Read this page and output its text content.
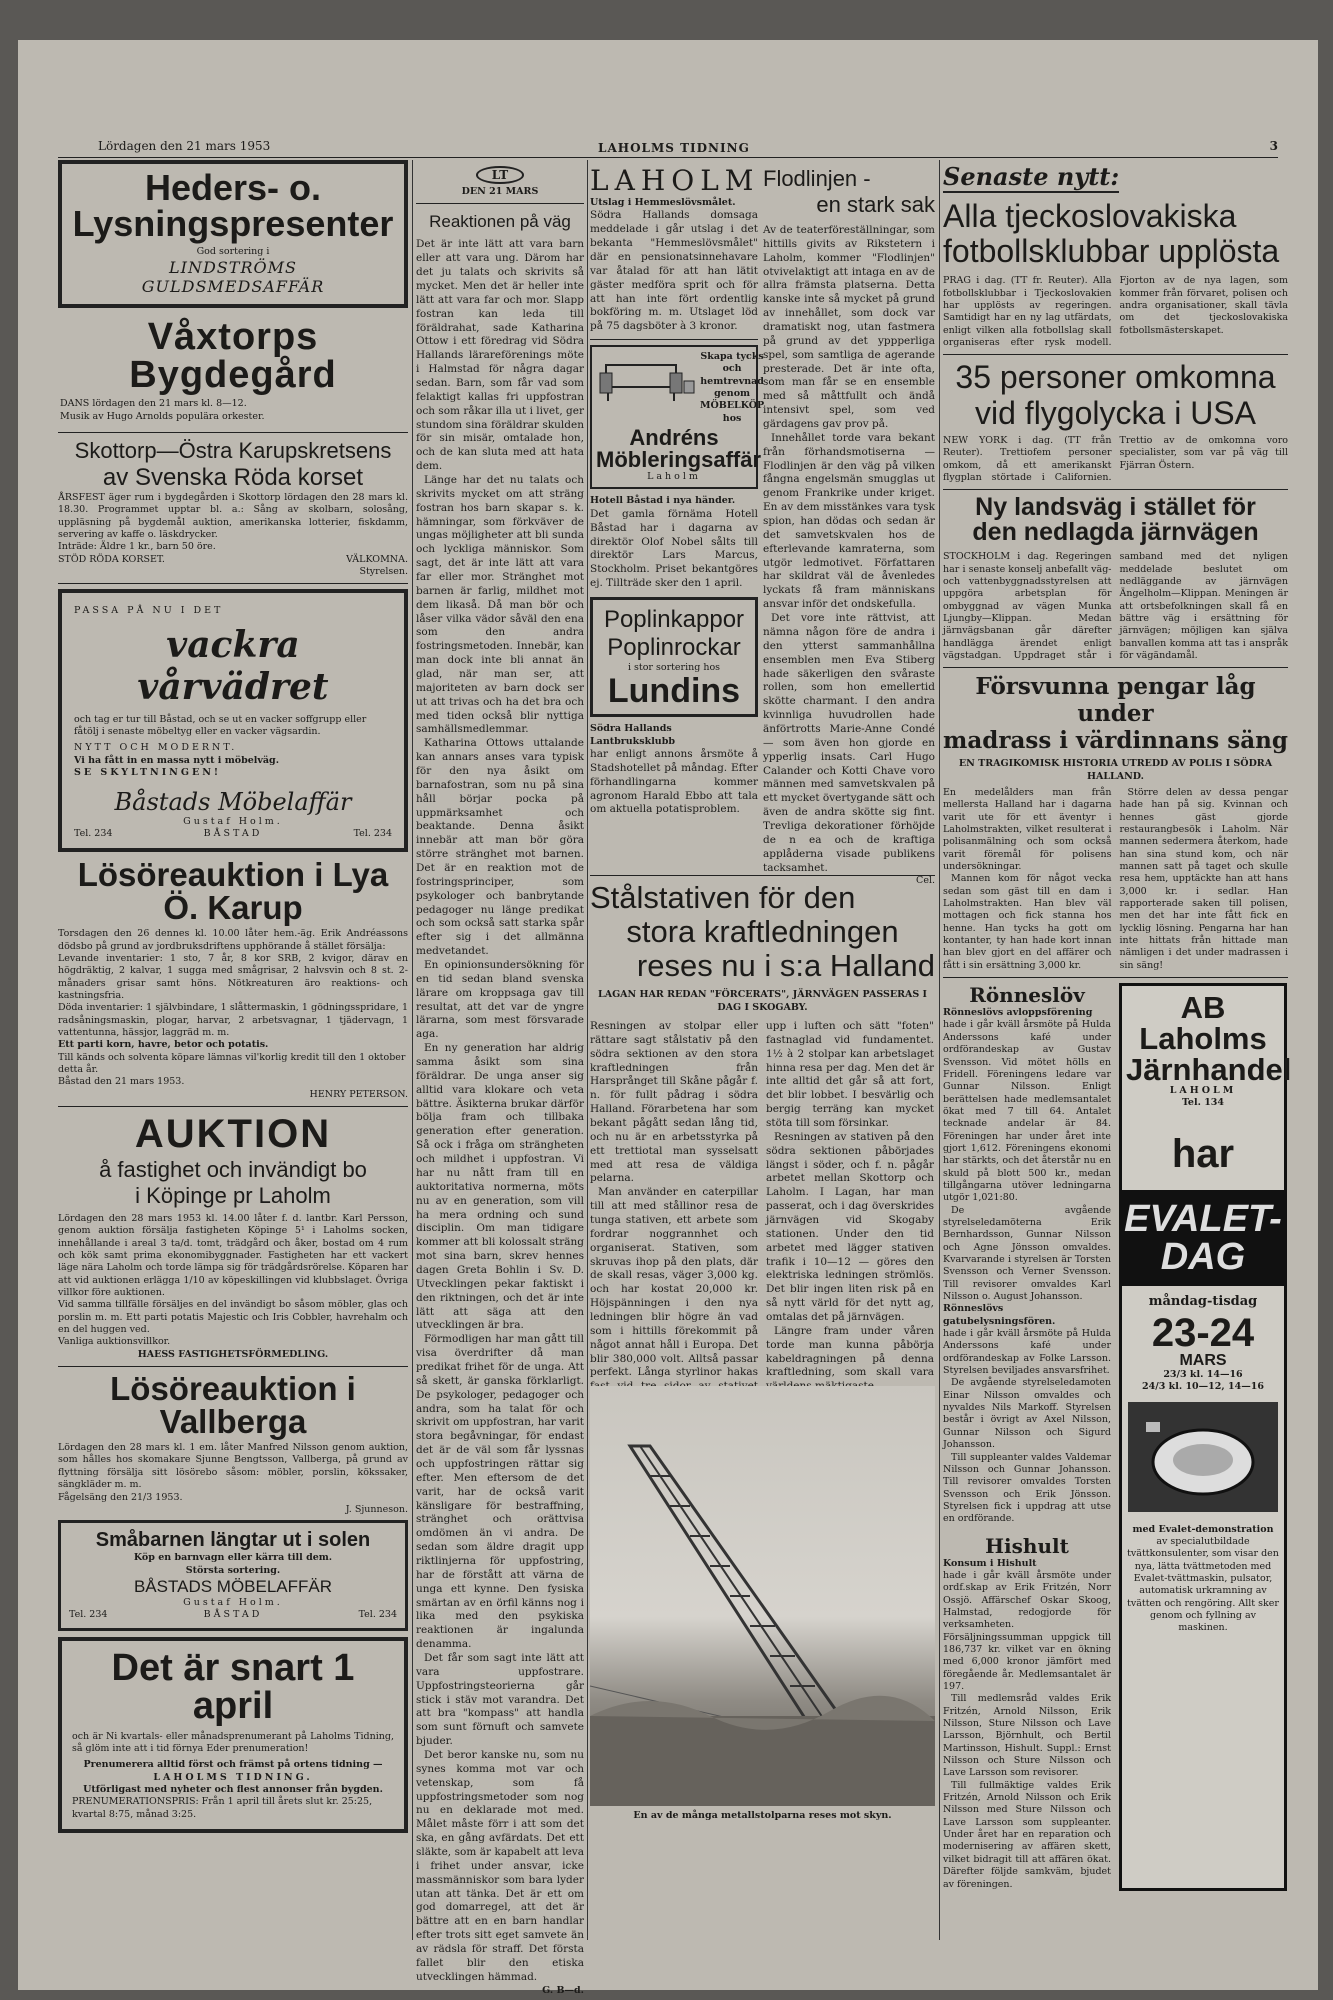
Lördagen den 21 mars 1953	LAHOLMS TIDNING	3
Heders- o. Lysningspresenter
God sortering i
LINDSTRÖMS
GULDSMEDSAFFÄR
Våxtorps Bygdegård
DANS lördagen den 21 mars kl. 8—12.
Musik av Hugo Arnolds populära orkester.
Skottorp—Östra Karupskretsens
av Svenska Röda korset
ÅRSFEST äger rum i bygdegården i Skottorp lördagen den 28 mars kl. 18.30. Programmet upptar bl. a.: Sång av skolbarn, solosång, uppläsning på bygdemål auktion, amerikanska lotterier, fiskdamm, servering av kaffe o. läskdrycker.
Inträde: Äldre 1 kr., barn 50 öre.
STÖD RÖDA KORSET.	VÄLKOMNA.
Styrelsen.
PASSA PÅ NU I DET
vackra vårvädret
och tag er tur till Båstad, och se ut en vacker soffgrupp eller fåtölj i senaste möbeltyg eller en vacker vägsardin.
NYTT OCH MODERNT.
Vi ha fått in en massa nytt i möbelväg.
SE SKYLTNINGEN!
Båstads Möbelaffär
Gustaf Holm.
Tel. 234	BÅSTAD	Tel. 234
Lösöreauktion i Lya Ö. Karup
Torsdagen den 26 dennes kl. 10.00 låter hem.-äg. Erik Andréassons dödsbo på grund av jordbruksdriftens upphörande å stället försälja:
Levande inventarier: 1 sto, 7 år, 8 kor SRB, 2 kvigor, därav en högdräktig, 2 kalvar, 1 sugga med smågrisar, 2 halvsvin och 8 st. 2-månaders grisar samt höns. Nötkreaturen äro reaktions- och kastningsfria.
Döda inventarier: 1 självbindare, 1 slåttermaskin, 1 gödningsspridare, 1 radsåningsmaskin, plogar, harvar, 2 arbetsvagnar, 1 tjädervagn, 1 vattentunna, hässjor, laggräd m. m.
Ett parti korn, havre, betor och potatis.
Till känds och solventa köpare lämnas vil'korlig kredit till den 1 oktober detta år.
Båstad den 21 mars 1953.
HENRY PETERSON.
AUKTION
å fastighet och invändigt bo
i Köpinge pr Laholm
Lördagen den 28 mars 1953 kl. 14.00 låter f. d. lantbr. Karl Persson, genom auktion försälja fastigheten Köpinge 5¹ i Laholms socken, innehållande i areal 3 ta/d. tomt, trädgård och åker, bostad om 4 rum och kök samt prima ekonomibyggnader. Fastigheten har ett vackert läge nära Laholm och torde lämpa sig för trädgårdsrörelse. Köparen har att vid auktionen erlägga 1/10 av köpeskillingen vid klubbslaget. Övriga villkor före auktionen.
Vid samma tillfälle försäljes en del invändigt bo såsom möbler, glas och porslin m. m. Ett parti potatis Majestic och Iris Cobbler, havrehalm och en del huggen ved.
Vanliga auktionsvillkor.
HAESS FASTIGHETSFÖRMEDLING.
Lösöreauktion i Vallberga
Lördagen den 28 mars kl. 1 em. låter Manfred Nilsson genom auktion, som hålles hos skomakare Sjunne Bengtsson, Vallberga, på grund av flyttning försälja sitt lösörebo såsom: möbler, porslin, kökssaker, sängkläder m. m.
Fågelsäng den 21/3 1953.
J. Sjunneson.
Småbarnen längtar ut i solen
Köp en barnvagn eller kärra till dem.
Största sortering.
BÅSTADS MÖBELAFFÄR
Gustaf Holm.
Tel. 234	BÅSTAD	Tel. 234
Det är snart 1 april
och är Ni kvartals- eller månadsprenumerant på Laholms Tidning, så glöm inte att i tid förnya Eder prenumeration!
Prenumerera alltid först och främst på ortens tidning —
LAHOLMS TIDNING.
Utförligast med nyheter och flest annonser från bygden.
PRENUMERATIONSPRIS: Från 1 april till årets slut kr. 25:25, kvartal 8:75, månad 3:25.
LT
DEN 21 MARS
Reaktionen på väg

Det är inte lätt att vara barn eller att vara ung. Därom har det ju talats och skrivits så mycket. Men det är heller inte lätt att vara far och mor. Slapp fostran kan leda till föräldrahat, sade Katharina Ottow i ett föredrag vid Södra Hallands lärareförenings möte i Halmstad för några dagar sedan. Barn, som får vad som felaktigt kallas fri uppfostran och som råkar illa ut i livet, ger stundom sina föräldrar skulden för sin misär, omtalade hon, och de kan sluta med att hata dem.

Länge har det nu talats och skrivits mycket om att sträng fostran hos barn skapar s. k. hämningar, som förkväver de ungas möjligheter att bli sunda och lyckliga människor. Som sagt, det är inte lätt att vara far eller mor. Stränghet mot barnen är farlig, mildhet mot dem likaså. Då man bör och låser vilka vädor såväl den ena som den andra fostringsmetoden. Innebär, kan man dock inte bli annat än glad, när man ser, att majoriteten av barn dock ser ut att trivas och ha det bra och med tiden också blir nyttiga samhällsmedlemmar.

Katharina Ottows uttalande kan annars anses vara typisk för den nya åsikt om barnafostran, som nu på sina håll börjar pocka på uppmärksamhet och beaktande. Denna åsikt innebär att man bör göra större stränghet mot barnen. Det är en reaktion mot de fostringsprinciper, som psykologer och banbrytande pedagoger nu länge predikat och som också satt starka spår efter sig i det allmänna medvetandet.

En opinionsundersökning för en tid sedan bland svenska lärare om kroppsaga gav till resultat, att det var de yngre lärarna, som mest försvarade aga.

En ny generation har aldrig samma åsikt som sina föräldrar. De unga anser sig alltid vara klokare och veta bättre. Äsikterna brukar därför bölja fram och tillbaka generation efter generation. Så ock i fråga om strängheten och mildhet i uppfostran. Vi har nu nått fram till en auktoritativa normerna, möts nu av en generation, som vill ha mera ordning och sund disciplin. Om man tidigare kommer att bli kolossalt sträng mot sina barn, skrev hennes dagen Greta Bohlin i Sv. D. Utvecklingen pekar faktiskt i den riktningen, och det är inte lätt att säga att den utvecklingen är bra.

Förmodligen har man gått till visa överdrifter då man predikat frihet för de unga. Att så skett, är ganska förklarligt. De psykologer, pedagoger och andra, som ha talat för och skrivit om uppfostran, har varit stora begåvningar, för endast det är de väl som får lyssnas och uppfostringen rättar sig efter. Men eftersom de det varit, har de också varit känsligare för bestraffning, stränghet och orättvisa omdömen än vi andra. De sedan som äldre dragit upp riktlinjerna för uppfostring, har de förstått att värna de unga ett kynne. Den fysiska smärtan av en örfil känns nog i lika med den psykiska reaktionen är ingalunda denamma.

Det får som sagt inte lätt att vara uppfostrare. Uppfostringsteorierna går stick i stäv mot varandra. Det att bra "kompass" att handla som sunt förnuft och samvete bjuder.

Det beror kanske nu, som nu synes komma mot var och vetenskap, som få uppfostringsmetoder som nog nu en deklarade mot med. Målet måste förr i att som det ska, en gång avfärdats. Det ett släkte, som är kapabelt att leva i frihet under ansvar, icke massmänniskor som bara lyder utan att tänka. Det är ett om god domarregel, att det är bättre att en en barn handlar efter trots sitt eget samvete än av rädsla för straff. Det första fallet blir den etiska utvecklingen hämmad.

G. B—d.
LAHOLM
Utslag i Hemmeslövsmålet.

Södra Hallands domsaga meddelade i går utslag i det bekanta "Hemmeslövsmålet" där en pensionatsinnehavare var åtalad för att han lätit gäster medföra sprit och för att han inte fört ordentlig bokföring m. m. Utslaget löd på 75 dagsböter à 3 kronor.

Skapa tycks och hemtrevnad genom
MÖBELKÖP hos
Andréns Möbleringsaffär
Laholm
Hotell Båstad i nya händer.

Det gamla förnäma Hotell Båstad har i dagarna av direktör Olof Nobel sålts till direktör Lars Marcus, Stockholm. Priset bekantgöres ej. Tillträde sker den 1 april.

Poplinkappor
Poplinrockar
i stor sortering hos
Lundins
Södra Hallands Lantbruksklubb

har enligt annons årsmöte å Stadshotellet på måndag. Efter förhandlingarna kommer agronom Harald Ebbo att tala om aktuella potatisproblem.

Flodlinjen -
en stark sak

Av de teaterföreställningar, som hittills givits av Rikstetern i Laholm, kommer "Flodlinjen" otvivelaktigt att intaga en av de allra främsta platserna. Detta kanske inte så mycket på grund av innehållet, som dock var dramatiskt nog, utan fastmera på grund av det yppperliga spel, som samtliga de agerande presterade. Det är inte ofta, som man får se en ensemble med så måttfullt och ändå intensivt spel, som ved gärdagens gav prov på.

Innehållet torde vara bekant från förhandsmotiserna — Flodlinjen är den väg på vilken fångna engelsmän smugglas ut genom Frankrike under kriget. En av dem misstänkes vara tysk spion, han dödas och sedan är det samvetskvalen hos de efterlevande kamraterna, som utgör ledmotivet. Författaren har skildrat väl de åvenledes lyckats få fram människans ansvar inför det ondskefulla.

Det vore inte rättvist, att nämna någon före de andra i den ytterst sammanhållna ensemblen men Eva Stiberg hade säkerligen den svåraste rollen, som hon emellertid skötte charmant. I den andra kvinnliga huvudrollen hade änförtrotts Marie-Anne Condé — som även hon gjorde en ypperlig insats. Carl Hugo Calander och Kotti Chave voro männen med samvetskvalen på ett mycket övertygande sätt och även de andra skötte sig fint. Trevliga dekorationer förhöjde de n ea och de kraftiga applåderna visade publikens tacksamhet.

Cel.
Stålstativen för den
stora kraftledningen
reses nu i s:a Halland
LAGAN HAR REDAN "FÖRCERATS", JÄRNVÄGEN PASSERAS I DAG I SKOGABY.

Resningen av stolpar eller rättare sagt stålstativ på den södra sektionen av den stora kraftledningen från Harsprånget till Skåne pågår f. n. för fullt pådrag i södra Halland. Förarbetena har som bekant pågått sedan lång tid, och nu är en arbetsstyrka på ett trettiotal man sysselsatt med att resa de väldiga pelarna.

Man använder en caterpillar till att med stållinor resa de tunga stativen, ett arbete som fordrar noggrannhet och organiserat. Stativen, som skruvas ihop på den plats, där de skall resas, väger 3,000 kg. och har kostat 20,000 kr. Höjspänningen i den nya ledningen blir högre än vad som i hittills förekommit på något annat håll i Europa. Det blir 380,000 volt. Alltså passar perfekt. Långa styrlinor hakas

upp i luften och sätt "foten" fastnaglad vid fundamentet. 1½ à 2 stolpar kan arbetslaget hinna resa per dag. Men det är inte alltid det går så att fort, det blir lobbet. I besvärlig och bergig terräng kan mycket stöta till som försinkar.

Resningen av stativen på den södra sektionen påbörjades längst i söder, och f. n. pågår arbetet mellan Skottorp och Laholm. I Lagan, har man passerat, och i dag överskrides järnvägen vid Skogaby stationen. Under den tid arbetet med lägger stativen trafik i 10—12 — göres den elektriska ledningen strömlös. Det blir ingen liten risk på en så nytt värld för det nytt ag, omtalas det på järnvägen.

Längre fram under våren torde man kunna påbörja kabeldragningen på denna kraftledning, som skall vara

En av de många metallstolparna reses mot skyn.
Senaste nytt:
Alla tjeckoslovakiska
fotbollsklubbar upplösta

PRAG i dag. (TT fr. Reuter). Alla fotbollsklubbar i Tjeckoslovakien har upplösts av regeringen. Samtidigt har en ny lag utfärdats, enligt vilken alla fotbollslag skall organiseras efter rysk modell. Fjorton av de nya lagen, som kommer från förvaret, polisen och andra organisationer, skall tävla om det tjeckoslovakiska fotbollsmästerskapet.

35 personer omkomna
vid flygolycka i USA

NEW YORK i dag. (TT från Reuter). Trettiofem personer omkom, då ett amerikanskt flygplan störtade i Californien. Trettio av de omkomna voro specialister, som var på väg till Fjärran Östern.

Ny landsväg i stället för
den nedlagda järnvägen

STOCKHOLM i dag. Regeringen har i senaste konselj anbefallt väg- och vattenbyggnadsstyrelsen att uppgöra arbetsplan för ombyggnad av vägen Munka Ljungby—Klippan. Medan järnvägsbanan går därefter handlägga ärendet enligt vägstadgan. Uppdraget står i samband med det nyligen meddelade beslutet om nedläggande av järnvägen Ängelholm—Klippan. Meningen är att ortsbefolkningen skall få en bättre väg i ersättning för järnvägen; möjligen kan själva banvallen komma att tas i anspråk för vägändamål.

Försvunna pengar låg under
madrass i värdinnans säng
EN TRAGIKOMISK HISTORIA UTREDD AV POLIS I SÖDRA HALLAND.

En medelålders man från mellersta Halland har i dagarna varit ute för ett äventyr i Laholmstrakten, vilket resulterat i polisanmälning och som också varit föremål för polisens undersökningar.

Mannen kom för något vecka sedan som gäst till en dam i Laholmstrakten. Han blev väl mottagen och fick stanna hos henne. Han tycks ha gott om kontanter, ty han hade kort innan han blev gjort en del affärer och fått i sin ersättning 3,000 kr.

Större delen av dessa pengar hade han på sig. Kvinnan och hennes gäst gjorde restaurangbesök i Laholm. När mannen sedermera återkom, hade han sina stund kom, och när mannen satt på taget och skulle resa hem, upptäckte han att hans 3,000 kr. i sedlar. Han rapporterade saken till polisen, men det har inte fått fick en lycklig lösning. Pengarna har han inte hittats från hittade man nämligen i det under madrassen i sin säng!

Rönneslöv
Rönneslövs avloppsförening

hade i går kväll årsmöte på Hulda Anderssons kafé under ordförandeskap av Gustav Svensson. Vid mötet hölls en Fridell. Föreningens ledare var Gunnar Nilsson. Enligt berättelsen hade medlemsantalet ökat med 7 till 64. Antalet tecknade andelar är 84. Föreningen har under året inte gjort 1,612. Föreningens ekonomi har stärkts, och det återstår nu en skuld på blott 500 kr., medan tillgångarna utöver ledningarna utgör 1,021:80.

De avgående styrelseledamöterna Erik Bernhardsson, Gunnar Nilsson och Agne Jönsson omvaldes. Kvarvarande i styrelsen är Torsten Svensson och Verner Svensson. Till revisorer omvaldes Karl Nilsson o. August Johansson.

Rönneslövs gatubelysningsfören.

hade i går kväll årsmöte på Hulda Anderssons kafé under ordförandeskap av Folke Larsson. Styrelsen beviljades ansvarsfrihet.

De avgående styrelseledamoten Einar Nilsson omvaldes och nyvaldes Nils Markoff. Styrelsen består i övrigt av Axel Nilsson, Gunnar Nilsson och Sigurd Johansson.

Till suppleanter valdes Valdemar Nilsson och Gunnar Johansson. Till revisorer omvaldes Torsten Svensson och Erik Jönsson. Styrelsen fick i uppdrag att utse en ordförande.

Hishult
Konsum i Hishult

hade i går kväll årsmöte under ordf.skap av Erik Fritzén, Norr Ossjö. Affärschef Oskar Skoog, Halmstad, redogjorde för verksamheten. Försäljningssumman uppgick till 186,737 kr. vilket var en ökning med 6,000 kronor jämfört med föregående år. Medlemsantalet är 197.

Till medlemsråd valdes Erik Fritzén, Arnold Nilsson, Erik Nilsson, Sture Nilsson och Lave Larsson, Björnhult, och Bertil Martinsson, Hishult. Suppl.: Ernst Nilsson och Sture Nilsson och Lave Larsson som revisorer.

Till fullmäktige valdes Erik Fritzén, Arnold Nilsson och Erik Nilsson med Sture Nilsson och Lave Larsson som suppleanter. Under året har en reparation och modernisering av affären skett, vilket bidragit till att affären ökat. Därefter följde samkväm, bjudet av föreningen.

AB Laholms
Järnhandel
LAHOLM
Tel. 134
har
EVALET-DAG
måndag-tisdag
23-24
MARS
23/3 kl. 14—16
24/3 kl. 10—12, 14—16
med Evalet-demonstration
av specialutbildade tvättkonsulenter, som visar den nya, lätta tvättmetoden med Evalet-tvättmaskin, pulsator, automatisk urkramning av tvätten och rengöring. Allt sker genom och fyllning av maskinen.
